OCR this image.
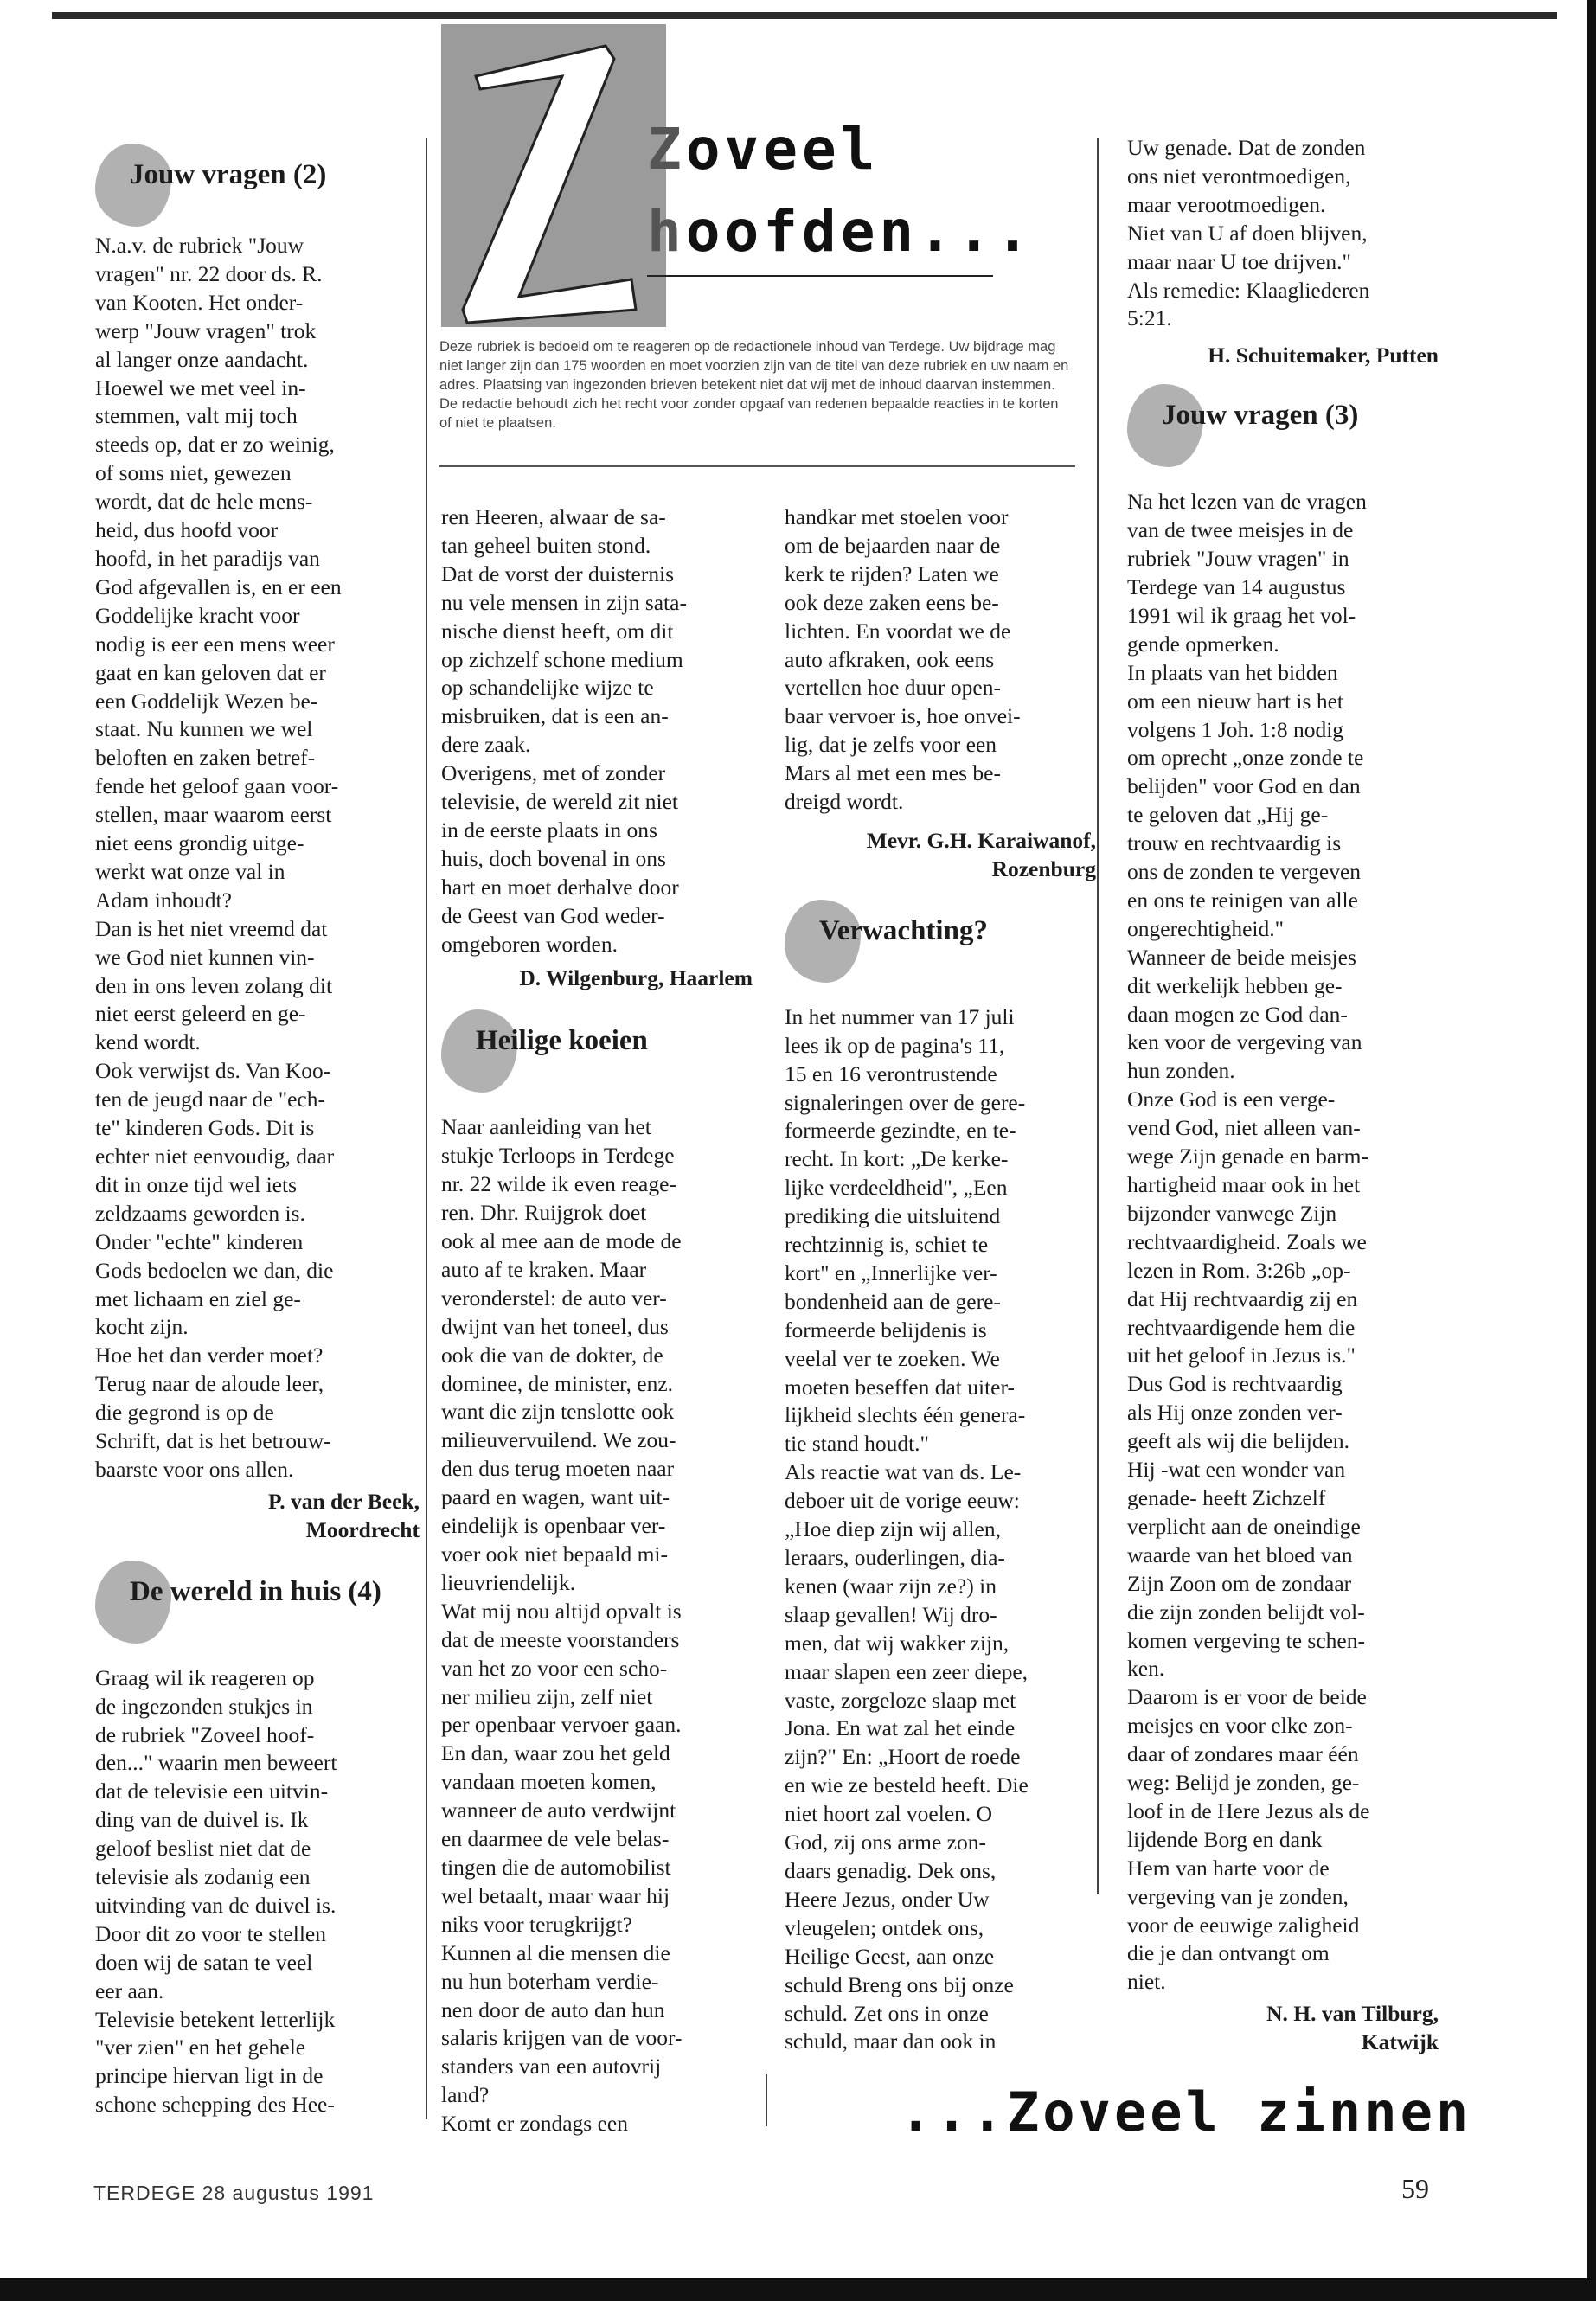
Zoveel
hoofden...
Deze rubriek is bedoeld om te reageren op de redactionele inhoud van Terdege. Uw bijdrage mag niet langer zijn dan 175 woorden en moet voorzien zijn van de titel van deze rubriek en uw naam en adres. Plaatsing van ingezonden brieven betekent niet dat wij met de inhoud daarvan instemmen. De redactie behoudt zich het recht voor zonder opgaaf van redenen bepaalde reacties in te korten of niet te plaatsen.
Jouw vragen (2)

N.a.v. de rubriek "Jouw

vragen" nr. 22 door ds. R.

van Kooten. Het onder-

werp "Jouw vragen" trok

al langer onze aandacht.

Hoewel we met veel in-

stemmen, valt mij toch

steeds op, dat er zo weinig,

of soms niet, gewezen

wordt, dat de hele mens-

heid, dus hoofd voor

hoofd, in het paradijs van

God afgevallen is, en er een

Goddelijke kracht voor

nodig is eer een mens weer

gaat en kan geloven dat er

een Goddelijk Wezen be-

staat. Nu kunnen we wel

beloften en zaken betref-

fende het geloof gaan voor-

stellen, maar waarom eerst

niet eens grondig uitge-

werkt wat onze val in

Adam inhoudt?

Dan is het niet vreemd dat

we God niet kunnen vin-

den in ons leven zolang dit

niet eerst geleerd en ge-

kend wordt.

Ook verwijst ds. Van Koo-

ten de jeugd naar de "ech-

te" kinderen Gods. Dit is

echter niet eenvoudig, daar

dit in onze tijd wel iets

zeldzaams geworden is.

Onder "echte" kinderen

Gods bedoelen we dan, die

met lichaam en ziel ge-

kocht zijn.

Hoe het dan verder moet?

Terug naar de aloude leer,

die gegrond is op de

Schrift, dat is het betrouw-

baarste voor ons allen.

P. van der Beek,

Moordrecht

De wereld in huis (4)

Graag wil ik reageren op

de ingezonden stukjes in

de rubriek "Zoveel hoof-

den..." waarin men beweert

dat de televisie een uitvin-

ding van de duivel is. Ik

geloof beslist niet dat de

televisie als zodanig een

uitvinding van de duivel is.

Door dit zo voor te stellen

doen wij de satan te veel

eer aan.

Televisie betekent letterlijk

"ver zien" en het gehele

principe hiervan ligt in de

schone schepping des Hee-

ren Heeren, alwaar de sa-

tan geheel buiten stond.

Dat de vorst der duisternis

nu vele mensen in zijn sata-

nische dienst heeft, om dit

op zichzelf schone medium

op schandelijke wijze te

misbruiken, dat is een an-

dere zaak.

Overigens, met of zonder

televisie, de wereld zit niet

in de eerste plaats in ons

huis, doch bovenal in ons

hart en moet derhalve door

de Geest van God weder-

omgeboren worden.

D. Wilgenburg, Haarlem

Heilige koeien

Naar aanleiding van het

stukje Terloops in Terdege

nr. 22 wilde ik even reage-

ren. Dhr. Ruijgrok doet

ook al mee aan de mode de

auto af te kraken. Maar

veronderstel: de auto ver-

dwijnt van het toneel, dus

ook die van de dokter, de

dominee, de minister, enz.

want die zijn tenslotte ook

milieuvervuilend. We zou-

den dus terug moeten naar

paard en wagen, want uit-

eindelijk is openbaar ver-

voer ook niet bepaald mi-

lieuvriendelijk.

Wat mij nou altijd opvalt is

dat de meeste voorstanders

van het zo voor een scho-

ner milieu zijn, zelf niet

per openbaar vervoer gaan.

En dan, waar zou het geld

vandaan moeten komen,

wanneer de auto verdwijnt

en daarmee de vele belas-

tingen die de automobilist

wel betaalt, maar waar hij

niks voor terugkrijgt?

Kunnen al die mensen die

nu hun boterham verdie-

nen door de auto dan hun

salaris krijgen van de voor-

standers van een autovrij

land?

Komt er zondags een

handkar met stoelen voor

om de bejaarden naar de

kerk te rijden? Laten we

ook deze zaken eens be-

lichten. En voordat we de

auto afkraken, ook eens

vertellen hoe duur open-

baar vervoer is, hoe onvei-

lig, dat je zelfs voor een

Mars al met een mes be-

dreigd wordt.

Mevr. G.H. Karaiwanof,

Rozenburg

Verwachting?

In het nummer van 17 juli

lees ik op de pagina's 11,

15 en 16 verontrustende

signaleringen over de gere-

formeerde gezindte, en te-

recht. In kort: „De kerke-

lijke verdeeldheid", „Een

prediking die uitsluitend

rechtzinnig is, schiet te

kort" en „Innerlijke ver-

bondenheid aan de gere-

formeerde belijdenis is

veelal ver te zoeken. We

moeten beseffen dat uiter-

lijkheid slechts één genera-

tie stand houdt."

Als reactie wat van ds. Le-

deboer uit de vorige eeuw:

„Hoe diep zijn wij allen,

leraars, ouderlingen, dia-

kenen (waar zijn ze?) in

slaap gevallen! Wij dro-

men, dat wij wakker zijn,

maar slapen een zeer diepe,

vaste, zorgeloze slaap met

Jona. En wat zal het einde

zijn?" En: „Hoort de roede

en wie ze besteld heeft. Die

niet hoort zal voelen. O

God, zij ons arme zon-

daars genadig. Dek ons,

Heere Jezus, onder Uw

vleugelen; ontdek ons,

Heilige Geest, aan onze

schuld Breng ons bij onze

schuld. Zet ons in onze

schuld, maar dan ook in

Uw genade. Dat de zonden

ons niet verontmoedigen,

maar verootmoedigen.

Niet van U af doen blijven,

maar naar U toe drijven."

Als remedie: Klaagliederen

5:21.

H. Schuitemaker, Putten

Jouw vragen (3)

Na het lezen van de vragen

van de twee meisjes in de

rubriek "Jouw vragen" in

Terdege van 14 augustus

1991 wil ik graag het vol-

gende opmerken.

In plaats van het bidden

om een nieuw hart is het

volgens 1 Joh. 1:8 nodig

om oprecht „onze zonde te

belijden" voor God en dan

te geloven dat „Hij ge-

trouw en rechtvaardig is

ons de zonden te vergeven

en ons te reinigen van alle

ongerechtigheid."

Wanneer de beide meisjes

dit werkelijk hebben ge-

daan mogen ze God dan-

ken voor de vergeving van

hun zonden.

Onze God is een verge-

vend God, niet alleen van-

wege Zijn genade en barm-

hartigheid maar ook in het

bijzonder vanwege Zijn

rechtvaardigheid. Zoals we

lezen in Rom. 3:26b „op-

dat Hij rechtvaardig zij en

rechtvaardigende hem die

uit het geloof in Jezus is."

Dus God is rechtvaardig

als Hij onze zonden ver-

geeft als wij die belijden.

Hij -wat een wonder van

genade- heeft Zichzelf

verplicht aan de oneindige

waarde van het bloed van

Zijn Zoon om de zondaar

die zijn zonden belijdt vol-

komen vergeving te schen-

ken.

Daarom is er voor de beide

meisjes en voor elke zon-

daar of zondares maar één

weg: Belijd je zonden, ge-

loof in de Here Jezus als de

lijdende Borg en dank

Hem van harte voor de

vergeving van je zonden,

voor de eeuwige zaligheid

die je dan ontvangt om

niet.

N. H. van Tilburg,

Katwijk

...Zoveel zinnen
TERDEGE 28 augustus 1991	59
